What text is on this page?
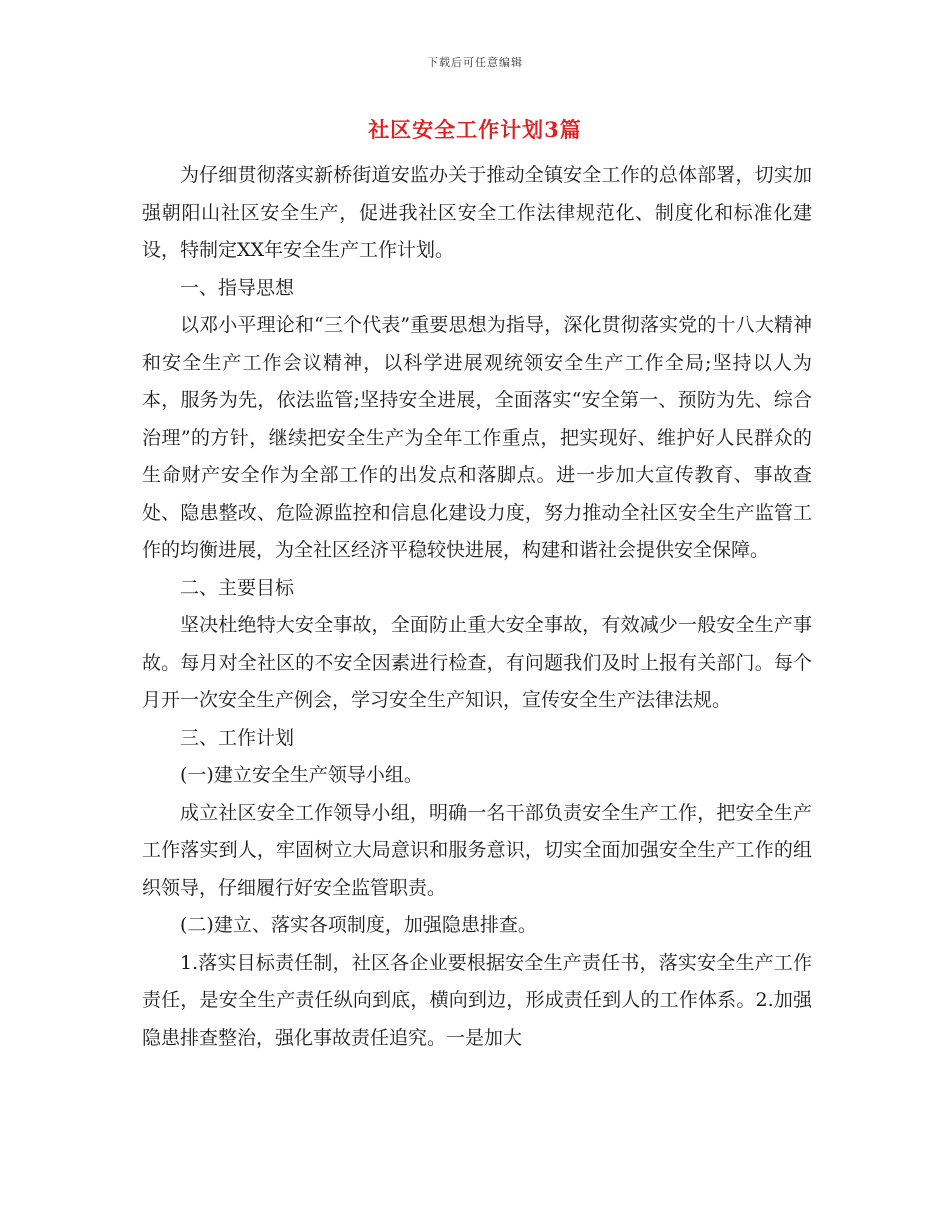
下载后可任意编辑
社区安全工作计划3篇

为仔细贯彻落实新桥街道安监办关于推动全镇安全工作的总体部署，切实加强朝阳山社区安全生产，促进我社区安全工作法律规范化、制度化和标准化建设，特制定XX年安全生产工作计划。

一、指导思想

以邓小平理论和“三个代表”重要思想为指导，深化贯彻落实党的十八大精神和安全生产工作会议精神，以科学进展观统领安全生产工作全局;坚持以人为本，服务为先，依法监管;坚持安全进展，全面落实“安全第一、预防为先、综合治理”的方针，继续把安全生产为全年工作重点，把实现好、维护好人民群众的生命财产安全作为全部工作的出发点和落脚点。进一步加大宣传教育、事故查处、隐患整改、危险源监控和信息化建设力度，努力推动全社区安全生产监管工作的均衡进展，为全社区经济平稳较快进展，构建和谐社会提供安全保障。

二、主要目标

坚决杜绝特大安全事故，全面防止重大安全事故，有效减少一般安全生产事故。每月对全社区的不安全因素进行检查，有问题我们及时上报有关部门。每个月开一次安全生产例会，学习安全生产知识，宣传安全生产法律法规。

三、工作计划

(一)建立安全生产领导小组。

成立社区安全工作领导小组，明确一名干部负责安全生产工作，把安全生产工作落实到人，牢固树立大局意识和服务意识，切实全面加强安全生产工作的组织领导，仔细履行好安全监管职责。

(二)建立、落实各项制度，加强隐患排查。

1.落实目标责任制，社区各企业要根据安全生产责任书，落实安全生产工作责任，是安全生产责任纵向到底，横向到边，形成责任到人的工作体系。2.加强隐患排查整治，强化事故责任追究。一是加大
